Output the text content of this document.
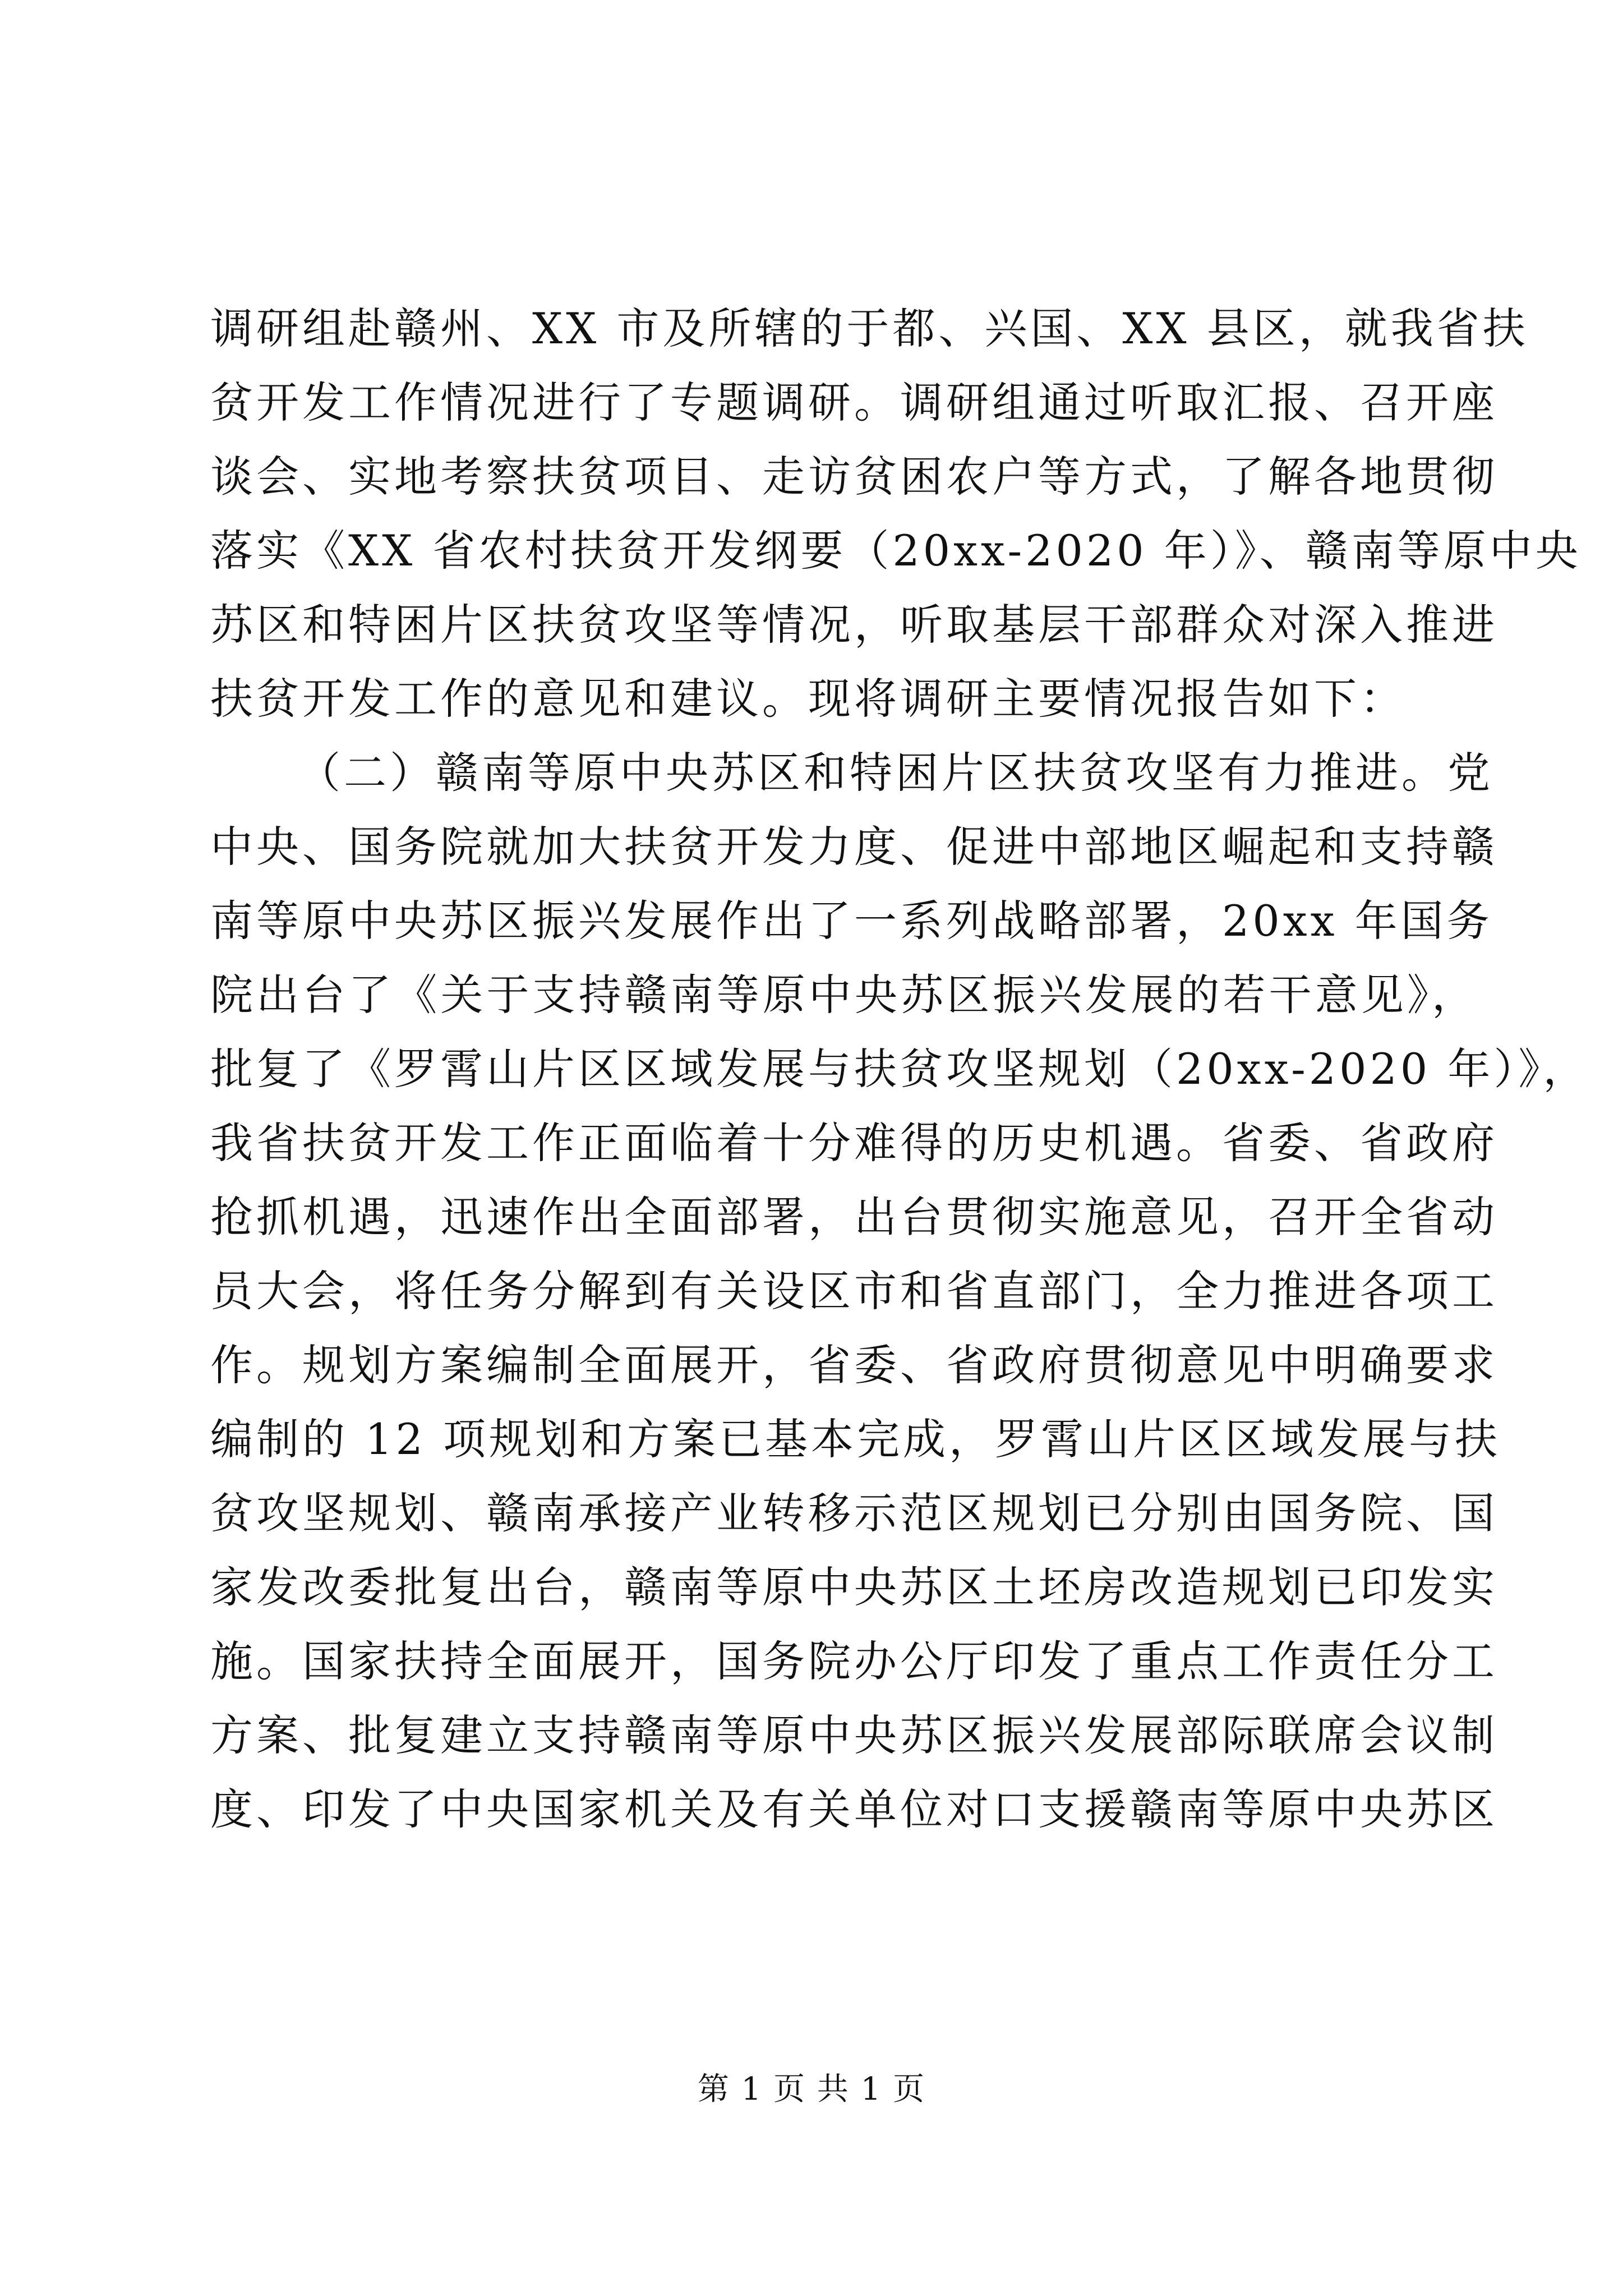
调研组赴赣州、XX 市及所辖的于都、兴国、XX 县区，就我省扶
贫开发工作情况进行了专题调研。调研组通过听取汇报、召开座
谈会、实地考察扶贫项目、走访贫困农户等方式，了解各地贯彻
落实《XX 省农村扶贫开发纲要（20xx-2020 年）》、赣南等原中央
苏区和特困片区扶贫攻坚等情况，听取基层干部群众对深入推进
扶贫开发工作的意见和建议。现将调研主要情况报告如下：
（二）赣南等原中央苏区和特困片区扶贫攻坚有力推进。党
中央、国务院就加大扶贫开发力度、促进中部地区崛起和支持赣
南等原中央苏区振兴发展作出了一系列战略部署，20xx 年国务
院出台了《关于支持赣南等原中央苏区振兴发展的若干意见》，
批复了《罗霄山片区区域发展与扶贫攻坚规划（20xx-2020 年）》，
我省扶贫开发工作正面临着十分难得的历史机遇。省委、省政府
抢抓机遇，迅速作出全面部署，出台贯彻实施意见，召开全省动
员大会，将任务分解到有关设区市和省直部门，全力推进各项工
作。规划方案编制全面展开，省委、省政府贯彻意见中明确要求
编制的 12 项规划和方案已基本完成，罗霄山片区区域发展与扶
贫攻坚规划、赣南承接产业转移示范区规划已分别由国务院、国
家发改委批复出台，赣南等原中央苏区土坯房改造规划已印发实
施。国家扶持全面展开，国务院办公厅印发了重点工作责任分工
方案、批复建立支持赣南等原中央苏区振兴发展部际联席会议制
度、印发了中央国家机关及有关单位对口支援赣南等原中央苏区
第 1 页 共 1 页
